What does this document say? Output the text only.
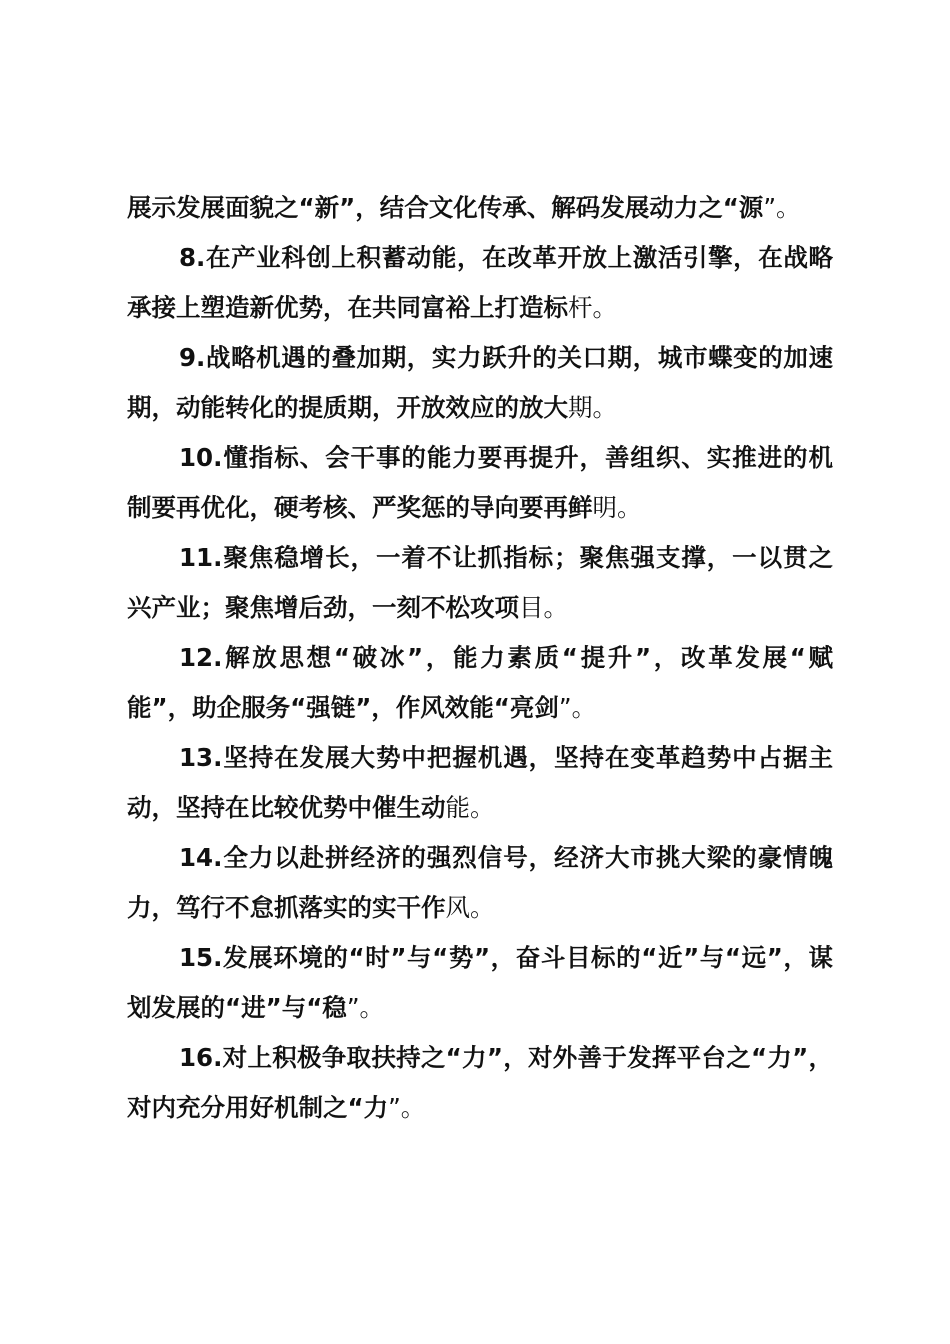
展示发展面貌之“新”，结合文化传承、解码发展动力之“源”。

8.在产业科创上积蓄动能，在改革开放上激活引擎，在战略承接上塑造新优势，在共同富裕上打造标杆。

9.战略机遇的叠加期，实力跃升的关口期，城市蝶变的加速期，动能转化的提质期，开放效应的放大期。

10.懂指标、会干事的能力要再提升，善组织、实推进的机制要再优化，硬考核、严奖惩的导向要再鲜明。

11.聚焦稳增长，一着不让抓指标；聚焦强支撑，一以贯之兴产业；聚焦增后劲，一刻不松攻项目。

12.解放思想“破冰”，能力素质“提升”，改革发展“赋能”，助企服务“强链”，作风效能“亮剑”。

13.坚持在发展大势中把握机遇，坚持在变革趋势中占据主动，坚持在比较优势中催生动能。

14.全力以赴拼经济的强烈信号，经济大市挑大梁的豪情魄力，笃行不怠抓落实的实干作风。

15.发展环境的“时”与“势”，奋斗目标的“近”与“远”，谋划发展的“进”与“稳”。

16.对上积极争取扶持之“力”，对外善于发挥平台之“力”，对内充分用好机制之“力”。
